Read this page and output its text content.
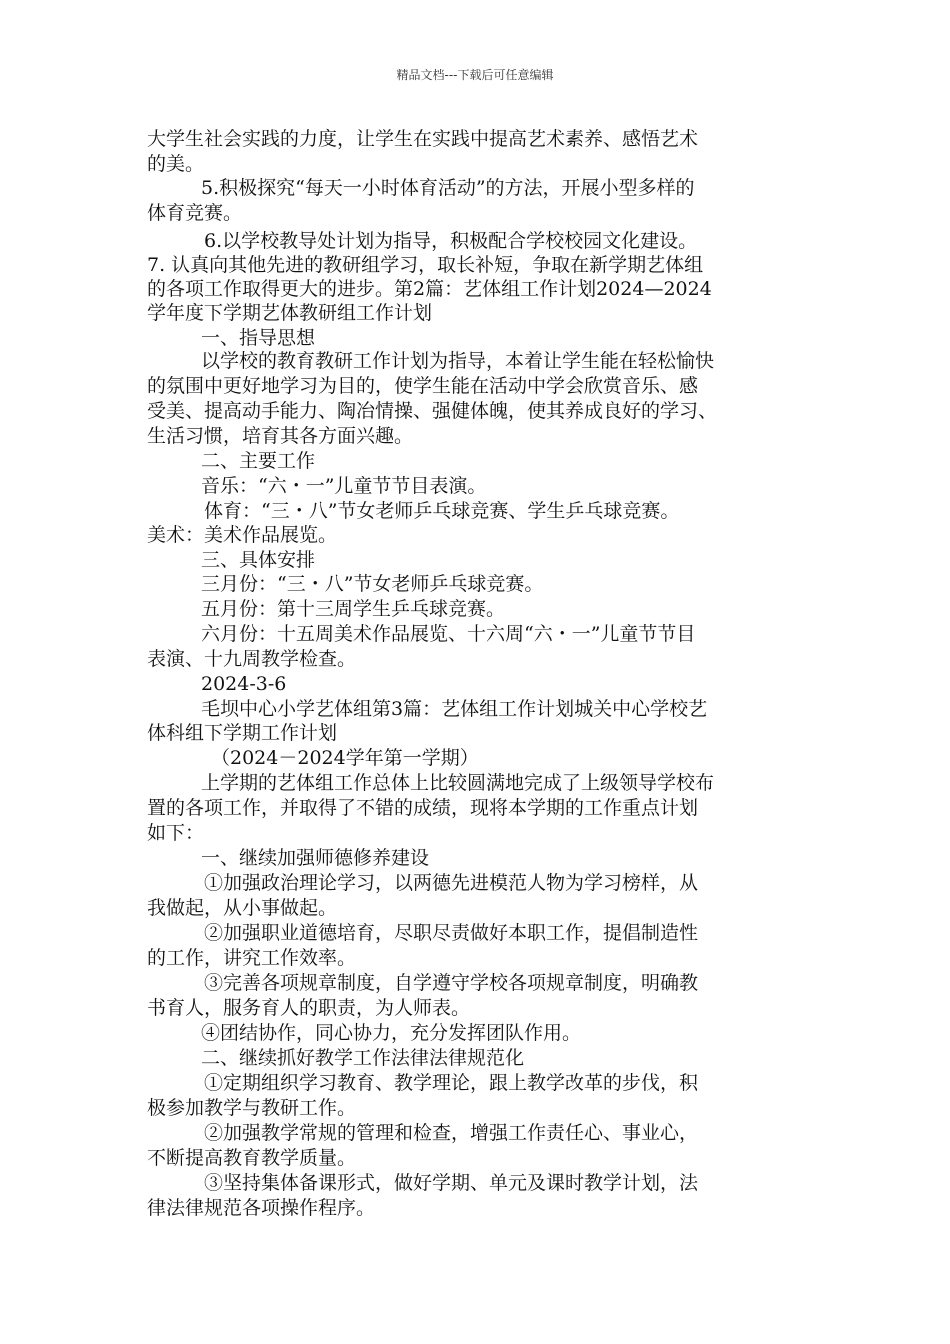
精品文档---下载后可任意编辑
大学生社会实践的力度，让学生在实践中提高艺术素养、感悟艺术
的美。
5.积极探究“每天一小时体育活动”的方法，开展小型多样的
体育竞赛。
6.以学校教导处计划为指导，积极配合学校校园文化建设。
7. 认真向其他先进的教研组学习，取长补短，争取在新学期艺体组
的各项工作取得更大的进步。第2篇：艺体组工作计划2024—2024
学年度下学期艺体教研组工作计划
一、指导思想
以学校的教育教研工作计划为指导，本着让学生能在轻松愉快
的氛围中更好地学习为目的，使学生能在活动中学会欣赏音乐、感
受美、提高动手能力、陶冶情操、强健体魄，使其养成良好的学习、
生活习惯，培育其各方面兴趣。
二、主要工作
音乐：“六・一”儿童节节目表演。
体育：“三・八”节女老师乒乓球竞赛、学生乒乓球竞赛。
美术：美术作品展览。
三、具体安排
三月份：“三・八”节女老师乒乓球竞赛。
五月份：第十三周学生乒乓球竞赛。
六月份：十五周美术作品展览、十六周“六・一”儿童节节目
表演、十九周教学检查。
2024-3-6
毛坝中心小学艺体组第3篇：艺体组工作计划城关中心学校艺
体科组下学期工作计划
（2024－2024学年第一学期）
上学期的艺体组工作总体上比较圆满地完成了上级领导学校布
置的各项工作，并取得了不错的成绩，现将本学期的工作重点计划
如下：
一、继续加强师德修养建设
①加强政治理论学习，以两德先进模范人物为学习榜样，从
我做起，从小事做起。
②加强职业道德培育，尽职尽责做好本职工作，提倡制造性
的工作，讲究工作效率。
③完善各项规章制度，自学遵守学校各项规章制度，明确教
书育人，服务育人的职责，为人师表。
④团结协作，同心协力，充分发挥团队作用。
二、继续抓好教学工作法律法律规范化
①定期组织学习教育、教学理论，跟上教学改革的步伐，积
极参加教学与教研工作。
②加强教学常规的管理和检查，增强工作责任心、事业心，
不断提高教育教学质量。
③坚持集体备课形式，做好学期、单元及课时教学计划，法
律法律规范各项操作程序。
